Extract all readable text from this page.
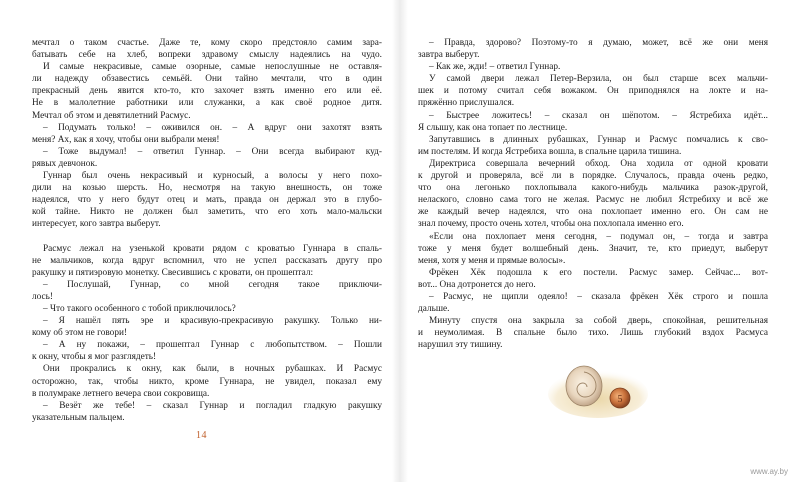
мечтал о таком счастье. Даже те, кому скоро предстояло самим зара-
батывать себе на хлеб, вопреки здравому смыслу надеялись на чудо.
И самые некрасивые, самые озорные, самые непослушные не оставля-
ли надежду обзавестись семьёй. Они тайно мечтали, что в один
прекрасный день явится кто-то, кто захочет взять именно его или её.
Не в малолетние работники или служанки, а как своё родное дитя.
Мечтал об этом и девятилетний Расмус.
– Подумать только! – оживился он. – А вдруг они захотят взять
меня? Ах, как я хочу, чтобы они выбрали меня!
– Тоже выдумал! – ответил Гуннар. – Они всегда выбирают куд-
рявых девчонок.
Гуннар был очень некрасивый и курносый, а волосы у него похо-
дили на козью шерсть. Но, несмотря на такую внешность, он тоже
надеялся, что у него будут отец и мать, правда он держал это в глубо-
кой тайне. Никто не должен был заметить, что его хоть мало-мальски
интересует, кого завтра выберут.
Расмус лежал на узенькой кровати рядом с кроватью Гуннара в спаль-
не мальчиков, когда вдруг вспомнил, что не успел рассказать другу про
ракушку и пятиэровую монетку. Свесившись с кровати, он прошептал:
– Послушай, Гуннар, со мной сегодня такое приключи-
лось!
– Что такого особенного с тобой приключилось?
– Я нашёл пять эре и красивую-прекрасивую ракушку. Только ни-
кому об этом не говори!
– А ну покажи, – прошептал Гуннар с любопытством. – Пошли
к окну, чтобы я мог разглядеть!
Они прокрались к окну, как были, в ночных рубашках. И Расмус
осторожно, так, чтобы никто, кроме Гуннара, не увидел, показал ему
в полумраке летнего вечера свои сокровища.
– Везёт же тебе! – сказал Гуннар и погладил гладкую ракушку
указательным пальцем.
14
– Правда, здорово? Поэтому-то я думаю, может, всё же они меня
завтра выберут.
– Как же, жди! – ответил Гуннар.
У самой двери лежал Петер-Верзила, он был старше всех мальчи-
шек и потому считал себя вожаком. Он приподнялся на локте и на-
пряжённо прислушался.
– Быстрее ложитесь! – сказал он шёпотом. – Ястребиха идёт...
Я слышу, как она топает по лестнице.
Запутавшись в длинных рубашках, Гуннар и Расмус помчались к сво-
им постелям. И когда Ястребиха вошла, в спальне царила тишина.
Директриса совершала вечерний обход. Она ходила от одной кровати
к другой и проверяла, всё ли в порядке. Случалось, правда очень редко,
что она легонько похлопывала какого-нибудь мальчика разок-другой,
нелаского, словно сама того не желая. Расмус не любил Ястребиху и всё же
же каждый вечер надеялся, что она похлопает именно его. Он сам не
знал почему, просто очень хотел, чтобы она похлопала именно его.
«Если она похлопает меня сегодня, – подумал он, – тогда и завтра
тоже у меня будет волшебный день. Значит, те, кто приедут, выберут
меня, хотя у меня и прямые волосы».
Фрёкен Хёк подошла к его постели. Расмус замер. Сейчас... вот-
вот... Она дотронется до него.
– Расмус, не щипли одеяло! – сказала фрёкен Хёк строго и пошла
дальше.
Минуту спустя она закрыла за собой дверь, спокойная, решительная
и неумолимая. В спальне было тихо. Лишь глубокий вздох Расмуса
нарушил эту тишину.
5
www.ay.by
